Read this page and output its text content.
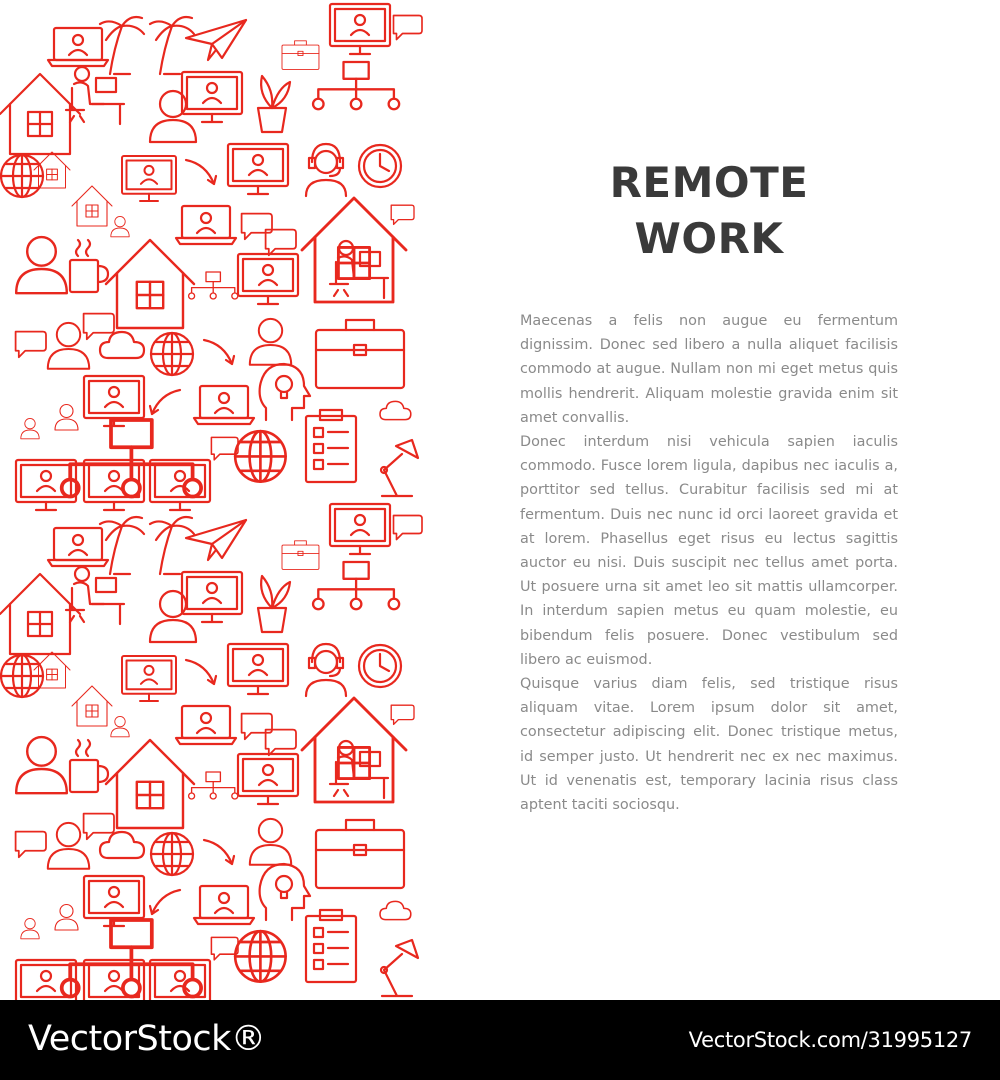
REMOTE
WORK

Maecenas a felis non augue eu fermentum dignissim. Donec sed libero a nulla aliquet facilisis commodo at augue. Nullam non mi eget metus quis mollis hendrerit. Aliquam molestie gravida enim sit amet convallis.

Donec interdum nisi vehicula sapien iaculis commodo. Fusce lorem ligula, dapibus nec iaculis a, porttitor sed tellus. Curabitur facilisis sed mi at fermentum. Duis nec nunc id orci laoreet gravida et at lorem. Phasellus eget risus eu lectus sagittis auctor eu nisi. Duis suscipit nec tellus amet porta. Ut posuere urna sit amet leo sit mattis ullamcorper. In interdum sapien metus eu quam molestie, eu bibendum felis posuere. Donec vestibulum sed libero ac euismod.

Quisque varius diam felis, sed tristique risus aliquam vitae. Lorem ipsum dolor sit amet, consectetur adipiscing elit. Donec tristique metus, id semper justo. Ut hendrerit nec ex nec maximus. Ut id venenatis est, temporary lacinia risus class aptent taciti sociosqu.

VectorStock®	VectorStock.com/31995127
